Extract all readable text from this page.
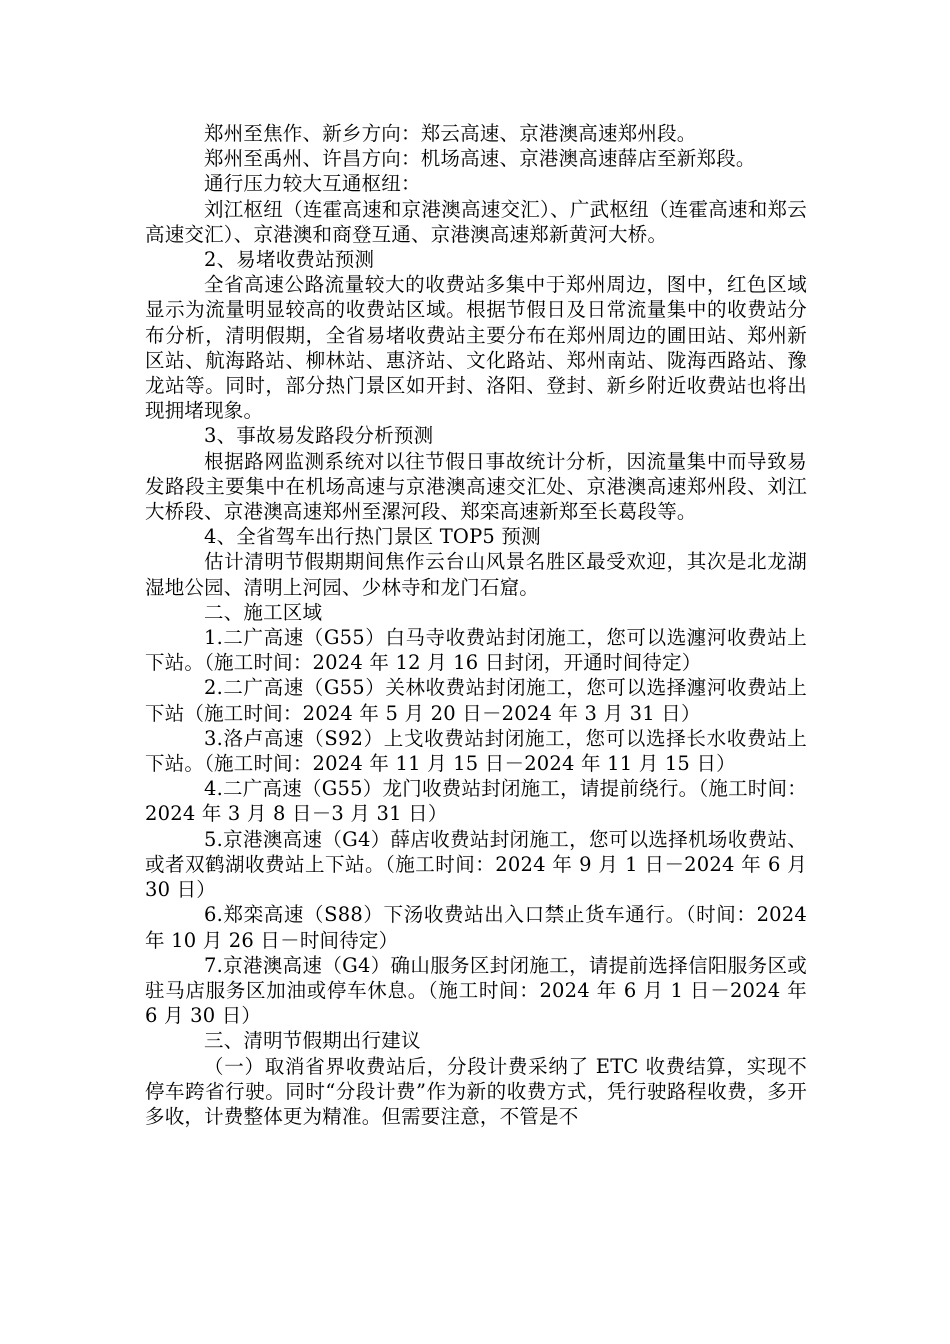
郑州至焦作、新乡方向：郑云高速、京港澳高速郑州段。

郑州至禹州、许昌方向：机场高速、京港澳高速薛店至新郑段。

通行压力较大互通枢纽：

刘江枢纽（连霍高速和京港澳高速交汇）、广武枢纽（连霍高速和郑云高速交汇）、京港澳和商登互通、京港澳高速郑新黄河大桥。

2、易堵收费站预测

全省高速公路流量较大的收费站多集中于郑州周边，图中，红色区域显示为流量明显较高的收费站区域。根据节假日及日常流量集中的收费站分布分析，清明假期，全省易堵收费站主要分布在郑州周边的圃田站、郑州新区站、航海路站、柳林站、惠济站、文化路站、郑州南站、陇海西路站、豫龙站等。同时，部分热门景区如开封、洛阳、登封、新乡附近收费站也将出现拥堵现象。

3、事故易发路段分析预测

根据路网监测系统对以往节假日事故统计分析，因流量集中而导致易发路段主要集中在机场高速与京港澳高速交汇处、京港澳高速郑州段、刘江大桥段、京港澳高速郑州至漯河段、郑栾高速新郑至长葛段等。

4、全省驾车出行热门景区 TOP5 预测

估计清明节假期期间焦作云台山风景名胜区最受欢迎，其次是北龙湖湿地公园、清明上河园、少林寺和龙门石窟。

二、施工区域

1.二广高速（G55）白马寺收费站封闭施工，您可以选瀍河收费站上下站。（施工时间：2024 年 12 月 16 日封闭，开通时间待定）

2.二广高速（G55）关林收费站封闭施工，您可以选择瀍河收费站上下站（施工时间：2024 年 5 月 20 日－2024 年 3 月 31 日）

3.洛卢高速（S92）上戈收费站封闭施工，您可以选择长水收费站上下站。（施工时间：2024 年 11 月 15 日－2024 年 11 月 15 日）

4.二广高速（G55）龙门收费站封闭施工，请提前绕行。（施工时间：2024 年 3 月 8 日－3 月 31 日）

5.京港澳高速（G4）薛店收费站封闭施工，您可以选择机场收费站、或者双鹤湖收费站上下站。（施工时间：2024 年 9 月 1 日－2024 年 6 月 30 日）

6.郑栾高速（S88）下汤收费站出入口禁止货车通行。（时间：2024 年 10 月 26 日－时间待定）

7.京港澳高速（G4）确山服务区封闭施工，请提前选择信阳服务区或驻马店服务区加油或停车休息。（施工时间：2024 年 6 月 1 日－2024 年 6 月 30 日）

三、清明节假期出行建议

（一）取消省界收费站后，分段计费采纳了 ETC 收费结算，实现不停车跨省行驶。同时“分段计费”作为新的收费方式，凭行驶路程收费，多开多收，计费整体更为精准。但需要注意，不管是不
